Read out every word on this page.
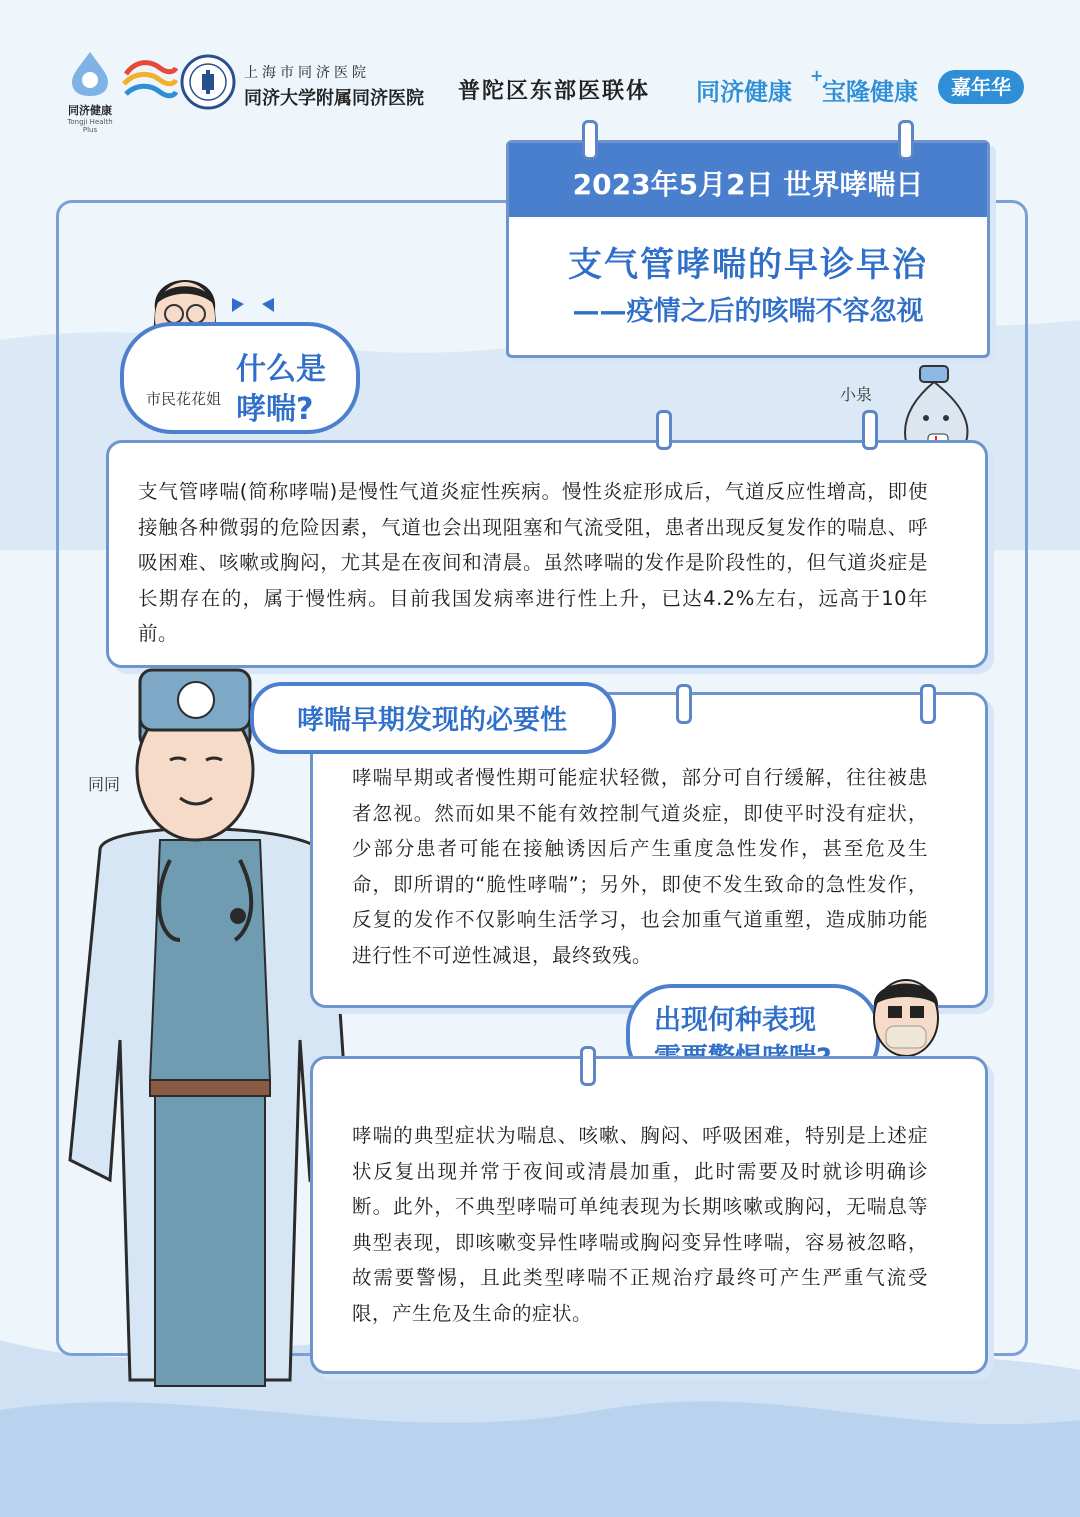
同济健康
Tongji Health Plus
上海市同济医院
同济大学附属同济医院 普陀区东部医联体 同济健康
+
宝隆健康	嘉年华
2023年5月2日 世界哮喘日
支气管哮喘的早诊早治
——疫情之后的咳喘不容忽视
什么是
哮喘?
市民花花姐	小泉
支气管哮喘(简称哮喘)是慢性气道炎症性疾病。慢性炎症形成后，气道反应性增高，即使接触各种微弱的危险因素，气道也会出现阻塞和气流受阻，患者出现反复发作的喘息、呼吸困难、咳嗽或胸闷，尤其是在夜间和清晨。虽然哮喘的发作是阶段性的，但气道炎症是长期存在的，属于慢性病。目前我国发病率进行性上升，已达4.2%左右，远高于10年前。
同同
哮喘早期发现的必要性
哮喘早期或者慢性期可能症状轻微，部分可自行缓解，往往被患者忽视。然而如果不能有效控制气道炎症，即使平时没有症状，少部分患者可能在接触诱因后产生重度急性发作，甚至危及生命，即所谓的“脆性哮喘”；另外，即使不发生致命的急性发作，反复的发作不仅影响生活学习，也会加重气道重塑，造成肺功能进行性不可逆性减退，最终致残。
出现何种表现
哮喘的典型症状为喘息、咳嗽、胸闷、呼吸困难，特别是上述症状反复出现并常于夜间或清晨加重，此时需要及时就诊明确诊断。此外，不典型哮喘可单纯表现为长期咳嗽或胸闷，无喘息等典型表现，即咳嗽变异性哮喘或胸闷变异性哮喘，容易被忽略，故需要警惕，且此类型哮喘不正规治疗最终可产生严重气流受限，产生危及生命的症状。
